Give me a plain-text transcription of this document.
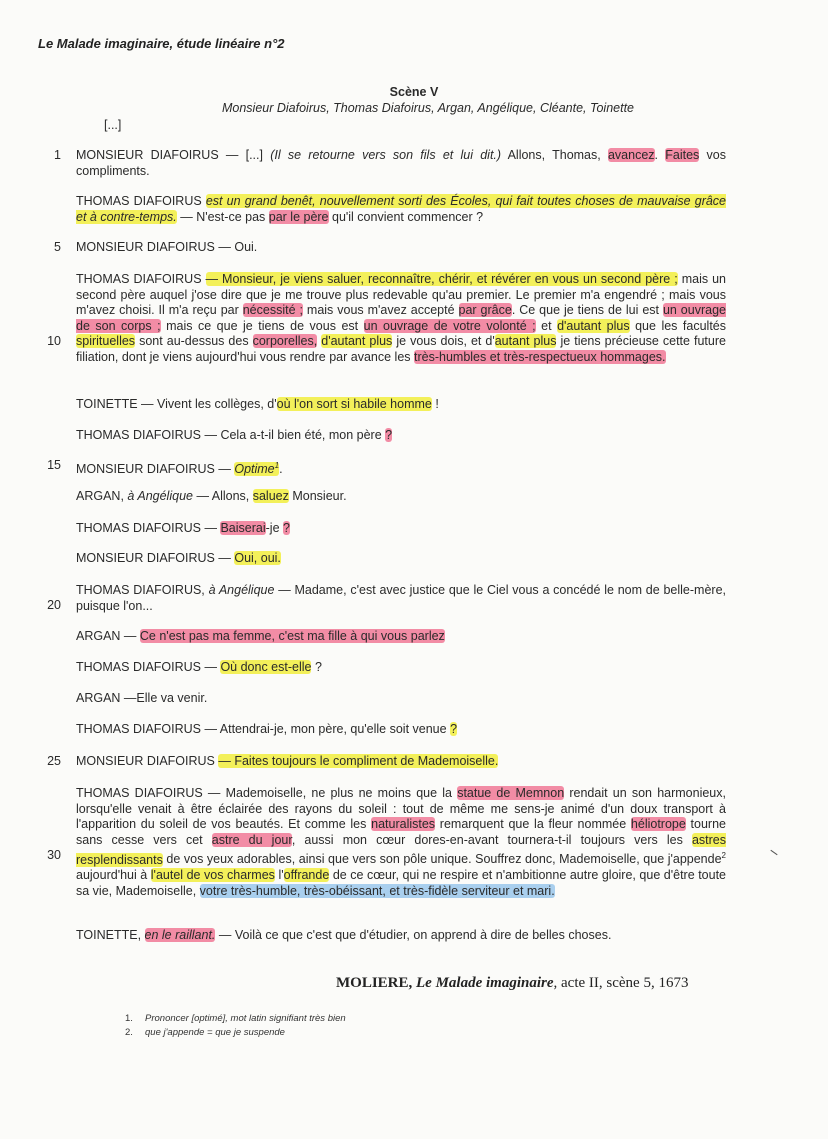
Le Malade imaginaire, étude linéaire n°2
Scène V
Monsieur Diafoirus, Thomas Diafoirus, Argan, Angélique, Cléante, Toinette
[...]
1
5
10
15
20
25
30
MONSIEUR DIAFOIRUS — [...] (Il se retourne vers son fils et lui dit.) Allons, Thomas, avancez. Faites vos compliments.
THOMAS DIAFOIRUS est un grand benêt, nouvellement sorti des Écoles, qui fait toutes choses de mauvaise grâce et à contre-temps. — N'est-ce pas par le père qu'il convient commencer ?
MONSIEUR DIAFOIRUS — Oui.
THOMAS DIAFOIRUS — Monsieur, je viens saluer, reconnaître, chérir, et révérer en vous un second père ; mais un second père auquel j'ose dire que je me trouve plus redevable qu'au premier. Le premier m'a engendré ; mais vous m'avez choisi. Il m'a reçu par nécessité ; mais vous m'avez accepté par grâce. Ce que je tiens de lui est un ouvrage de son corps ; mais ce que je tiens de vous est un ouvrage de votre volonté ; et d'autant plus que les facultés spirituelles sont au-dessus des corporelles, d'autant plus je vous dois, et d'autant plus je tiens précieuse cette future filiation, dont je viens aujourd'hui vous rendre par avance les très-humbles et très-respectueux hommages.
TOINETTE — Vivent les collèges, d'où l'on sort si habile homme !
THOMAS DIAFOIRUS — Cela a-t-il bien été, mon père ?
MONSIEUR DIAFOIRUS — Optime$^1$.
ARGAN, à Angélique — Allons, saluez Monsieur.
THOMAS DIAFOIRUS — Baiserai-je ?
MONSIEUR DIAFOIRUS — Oui, oui.
THOMAS DIAFOIRUS, à Angélique — Madame, c'est avec justice que le Ciel vous a concédé le nom de belle-mère, puisque l'on...
ARGAN — Ce n'est pas ma femme, c'est ma fille à qui vous parlez
THOMAS DIAFOIRUS — Où donc est-elle ?
ARGAN —Elle va venir.
THOMAS DIAFOIRUS — Attendrai-je, mon père, qu'elle soit venue ?
MONSIEUR DIAFOIRUS — Faites toujours le compliment de Mademoiselle.
THOMAS DIAFOIRUS — Mademoiselle, ne plus ne moins que la statue de Memnon rendait un son harmonieux, lorsqu'elle venait à être éclairée des rayons du soleil : tout de même me sens-je animé d'un doux transport à l'apparition du soleil de vos beautés. Et comme les naturalistes remarquent que la fleur nommée héliotrope tourne sans cesse vers cet astre du jour, aussi mon cœur dores-en-avant tournera-t-il toujours vers les astres resplendissants de vos yeux adorables, ainsi que vers son pôle unique. Souffrez donc, Mademoiselle, que j'appende$^2$ aujourd'hui à l'autel de vos charmes l'offrande de ce cœur, qui ne respire et n'ambitionne autre gloire, que d'être toute sa vie, Mademoiselle, votre très-humble, très-obéissant, et très-fidèle serviteur et mari.
TOINETTE, en le raillant. — Voilà ce que c'est que d'étudier, on apprend à dire de belles choses.
MOLIERE, Le Malade imaginaire, acte II, scène 5, 1673
1. Prononcer [optimé], mot latin signifiant très bien
2. que j'appende = que je suspende
